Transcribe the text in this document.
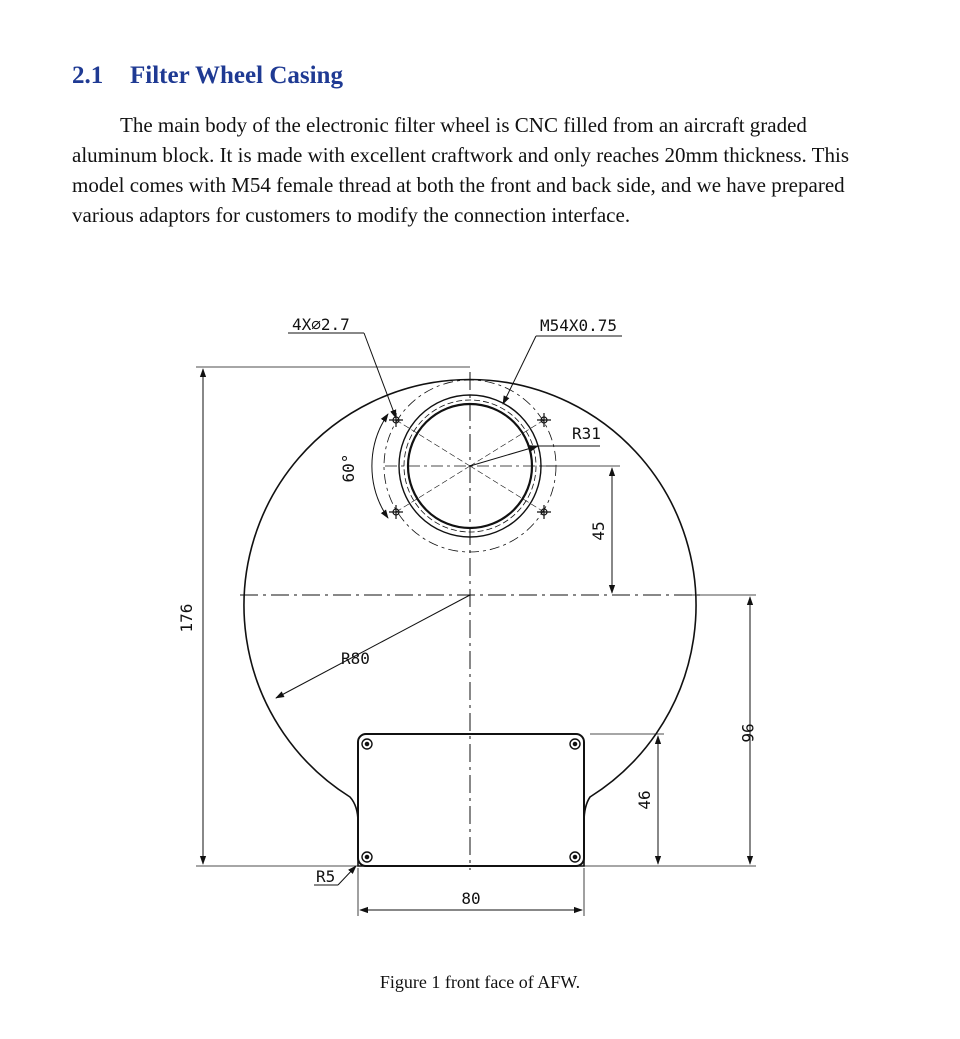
2.1 Filter Wheel Casing

The main body of the electronic filter wheel is CNC filled from an aircraft graded aluminum block. It is made with excellent craftwork and only reaches 20mm thickness. This model comes with M54 female thread at both the front and back side, and we have prepared various adaptors for customers to modify the connection interface.

60°
4X⌀2.7	M54X0.75
R31
45
176
R80
96
46
R5
80
Figure 1 front face of AFW.
